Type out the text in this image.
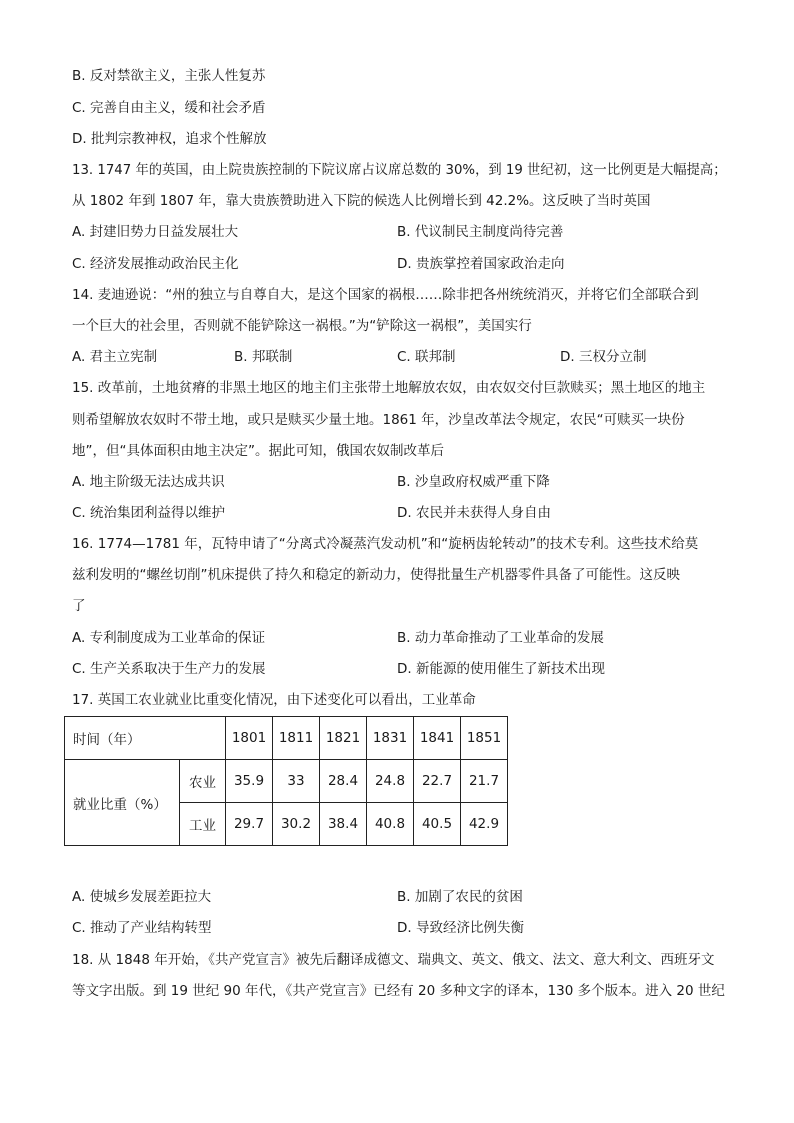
B. 反对禁欲主义，主张人性复苏
C. 完善自由主义，缓和社会矛盾
D. 批判宗教神权，追求个性解放
13. 1747 年的英国，由上院贵族控制的下院议席占议席总数的 30%，到 19 世纪初，这一比例更是大幅提高；
从 1802 年到 1807 年，靠大贵族赞助进入下院的候选人比例增长到 42.2%。这反映了当时英国
A. 封建旧势力日益发展壮大	B. 代议制民主制度尚待完善
C. 经济发展推动政治民主化	D. 贵族掌控着国家政治走向
14. 麦迪逊说：“州的独立与自尊自大，是这个国家的祸根……除非把各州统统消灭，并将它们全部联合到
一个巨大的社会里，否则就不能铲除这一祸根。”为“铲除这一祸根”，美国实行
A. 君主立宪制	B. 邦联制	C. 联邦制	D. 三权分立制
15. 改革前，土地贫瘠的非黑土地区的地主们主张带土地解放农奴，由农奴交付巨款赎买；黑土地区的地主
则希望解放农奴时不带土地，或只是赎买少量土地。1861 年，沙皇改革法令规定，农民“可赎买一块份
地”，但“具体面积由地主决定”。据此可知，俄国农奴制改革后
A. 地主阶级无法达成共识	B. 沙皇政府权威严重下降
C. 统治集团利益得以维护	D. 农民并未获得人身自由
16. 1774—1781 年，瓦特申请了“分离式冷凝蒸汽发动机”和“旋柄齿轮转动”的技术专利。这些技术给莫
兹利发明的“螺丝切削”机床提供了持久和稳定的新动力，使得批量生产机器零件具备了可能性。这反映
了
A. 专利制度成为工业革命的保证	B. 动力革命推动了工业革命的发展
C. 生产关系取决于生产力的发展	D. 新能源的使用催生了新技术出现
17. 英国工农业就业比重变化情况，由下述变化可以看出，工业革命
时间（年）		1801	1811	1821	1831	1841	1851
就业比重（%）	农业	35.9	33	28.4	24.8	22.7	21.7
	工业	29.7	30.2	38.4	40.8	40.5	42.9
A. 使城乡发展差距拉大	B. 加剧了农民的贫困
C. 推动了产业结构转型	D. 导致经济比例失衡
18. 从 1848 年开始，《共产党宣言》被先后翻译成德文、瑞典文、英文、俄文、法文、意大利文、西班牙文
等文字出版。到 19 世纪 90 年代，《共产党宣言》已经有 20 多种文字的译本，130 多个版本。进入 20 世纪
